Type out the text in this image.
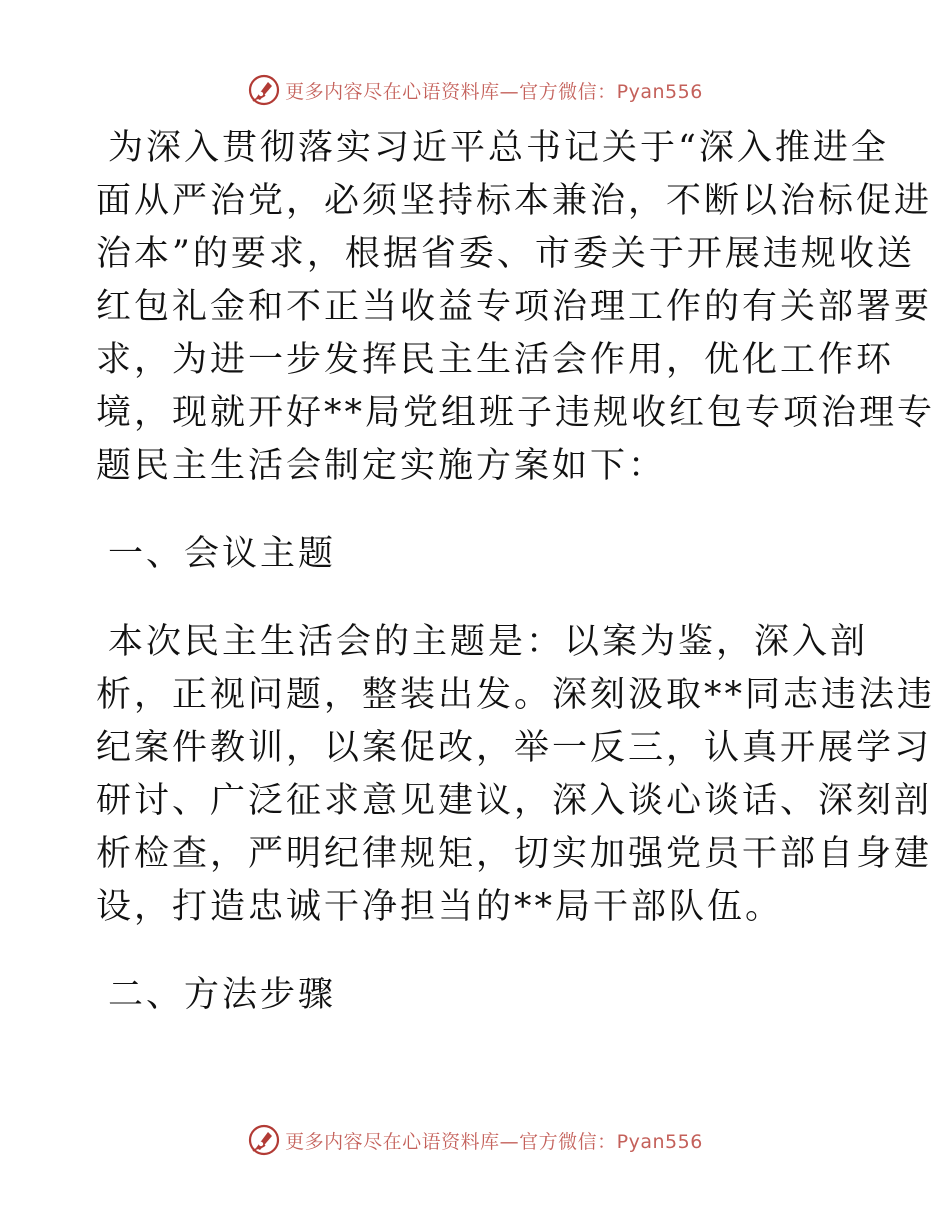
更多内容尽在心语资料库—官方微信：Pyan556
为深入贯彻落实习近平总书记关于“深入推进全
面从严治党，必须坚持标本兼治，不断以治标促进
治本”的要求，根据省委、市委关于开展违规收送
红包礼金和不正当收益专项治理工作的有关部署要
求，为进一步发挥民主生活会作用，优化工作环
境，现就开好**局党组班子违规收红包专项治理专
题民主生活会制定实施方案如下：
一、会议主题
本次民主生活会的主题是：以案为鉴，深入剖
析，正视问题，整装出发。深刻汲取**同志违法违
纪案件教训，以案促改，举一反三，认真开展学习
研讨、广泛征求意见建议，深入谈心谈话、深刻剖
析检查，严明纪律规矩，切实加强党员干部自身建
设，打造忠诚干净担当的**局干部队伍。
二、方法步骤
更多内容尽在心语资料库—官方微信：Pyan556
